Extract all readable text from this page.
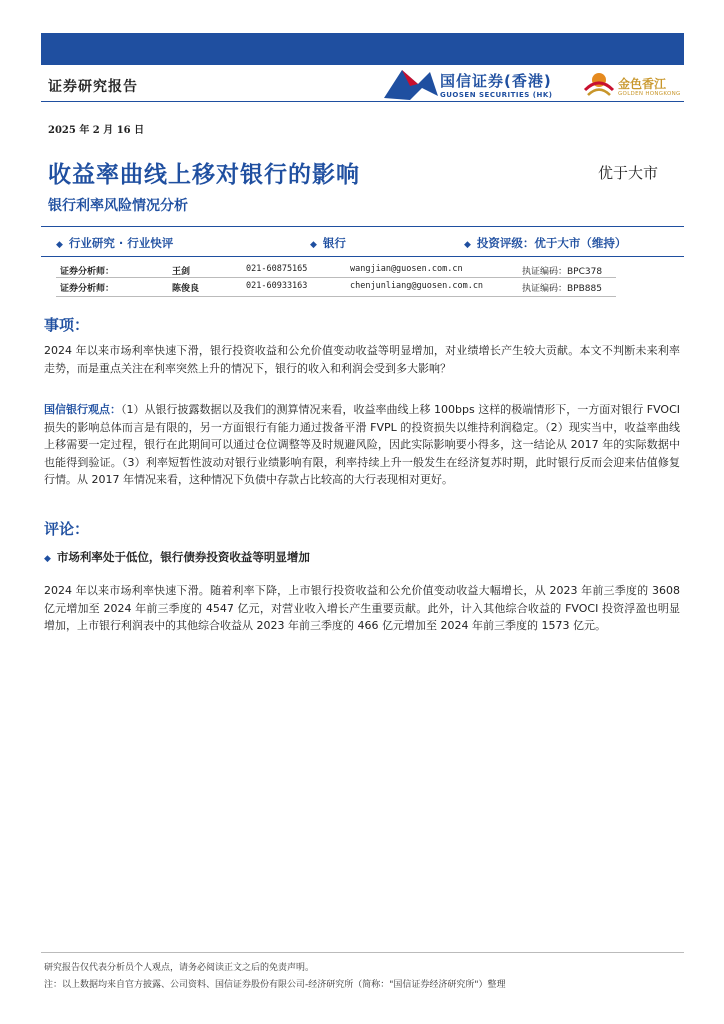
证券研究报告	国信证券(香港)
GUOSEN SECURITIES (HK)
金色香江
GOLDEN HONGKONG
2025 年 2 月 16 日
收益率曲线上移对银行的影响	优于大市
银行利率风险情况分析
◆ 行业研究 · 行业快评	◆ 银行	◆ 投资评级：优于大市（维持）
证券分析师：	王剑	021-60875165	wangjian@guosen.com.cn	执证编码：BPC378
证券分析师：	陈俊良	021-60933163	chenjunliang@guosen.com.cn	执证编码：BPB885
事项：
2024 年以来市场利率快速下滑，银行投资收益和公允价值变动收益等明显增加，对业绩增长产生较大贡献。本文不判断未来利率走势，而是重点关注在利率突然上升的情况下，银行的收入和利润会受到多大影响？
国信银行观点：（1）从银行披露数据以及我们的测算情况来看，收益率曲线上移 100bps 这样的极端情形下，一方面对银行 FVOCI 损失的影响总体而言是有限的，另一方面银行有能力通过拨备平滑 FVPL 的投资损失以维持利润稳定。（2）现实当中，收益率曲线上移需要一定过程，银行在此期间可以通过仓位调整等及时规避风险，因此实际影响要小得多，这一结论从 2017 年的实际数据中也能得到验证。（3）利率短暂性波动对银行业绩影响有限，利率持续上升一般发生在经济复苏时期，此时银行反而会迎来估值修复行情。从 2017 年情况来看，这种情况下负债中存款占比较高的大行表现相对更好。
评论：
◆ 市场利率处于低位，银行债券投资收益等明显增加
2024 年以来市场利率快速下滑。随着利率下降，上市银行投资收益和公允价值变动收益大幅增长，从 2023 年前三季度的 3608 亿元增加至 2024 年前三季度的 4547 亿元，对营业收入增长产生重要贡献。此外，计入其他综合收益的 FVOCI 投资浮盈也明显增加，上市银行利润表中的其他综合收益从 2023 年前三季度的 466 亿元增加至 2024 年前三季度的 1573 亿元。
研究报告仅代表分析员个人观点，请务必阅读正文之后的免责声明。
注：以上数据均来自官方披露、公司资料、国信证券股份有限公司-经济研究所（简称："国信证券经济研究所"）整理
